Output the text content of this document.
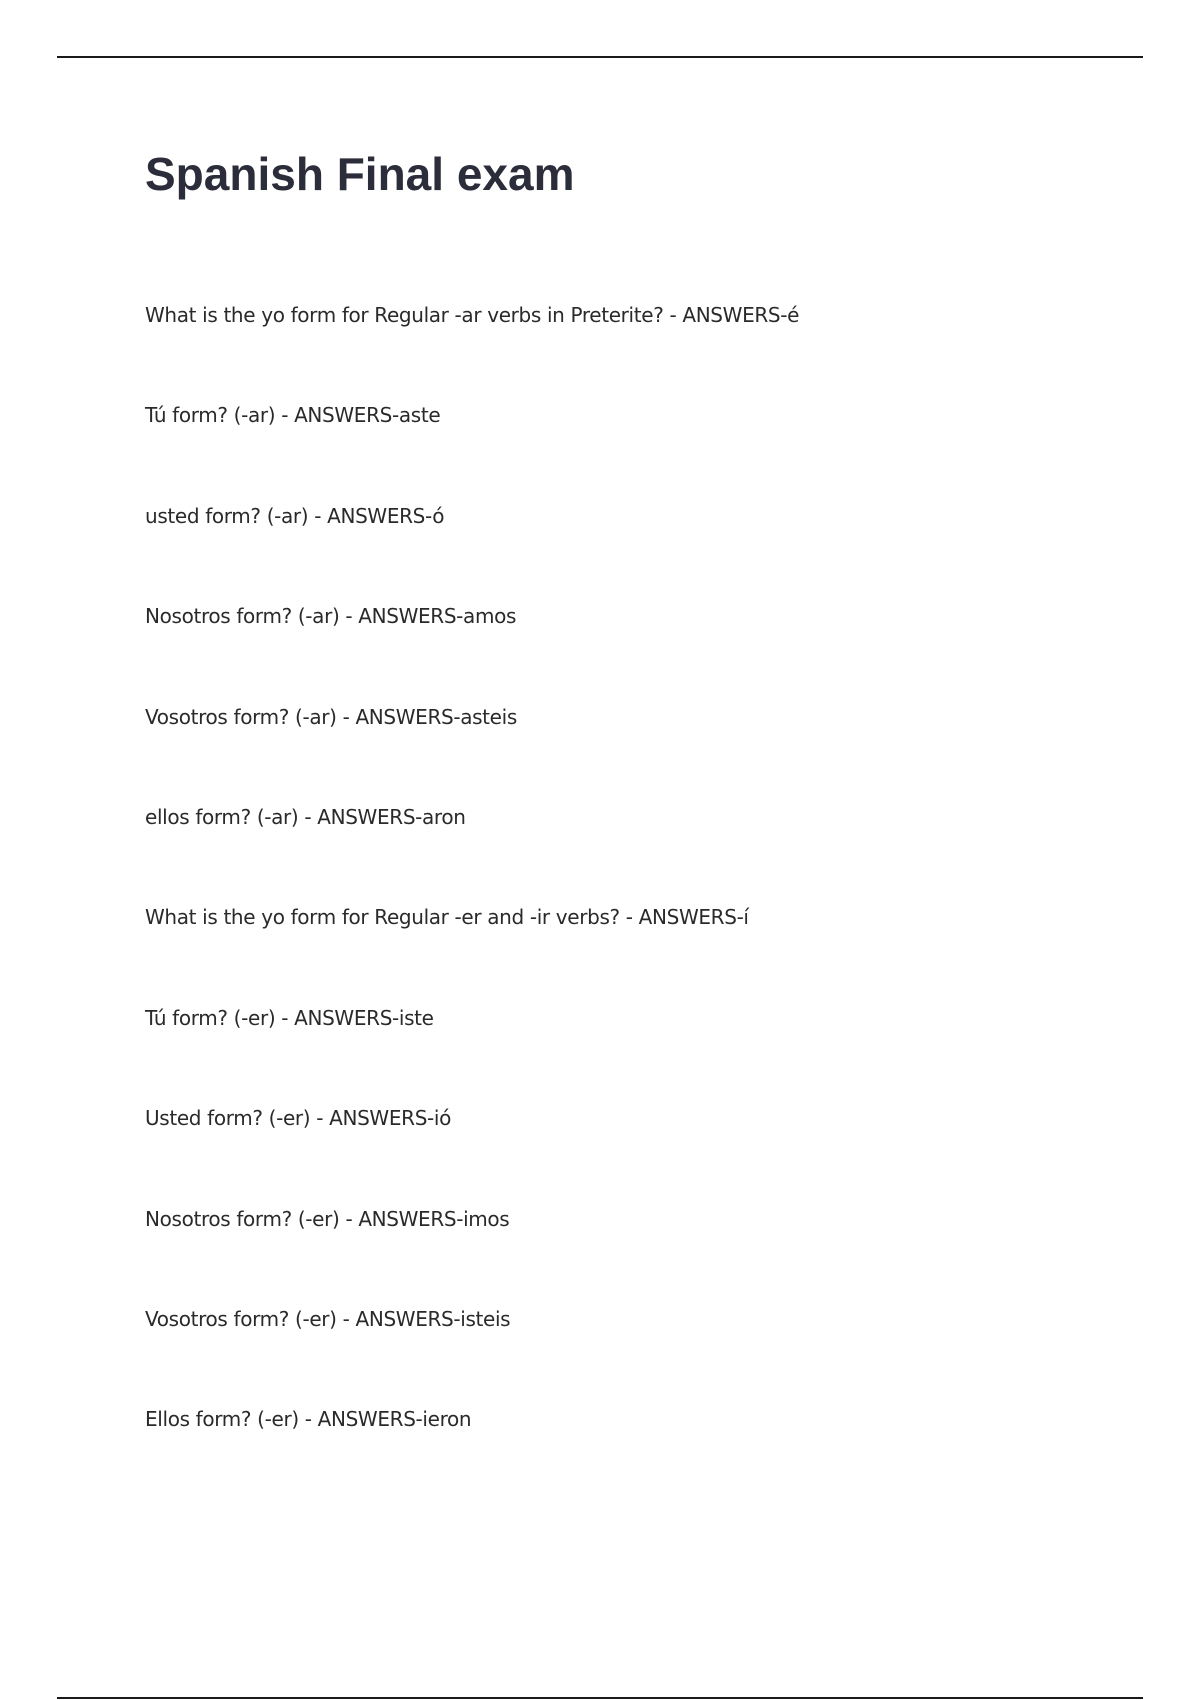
Spanish Final exam
What is the yo form for Regular -ar verbs in Preterite? - ANSWERS-é
Tú form? (-ar) - ANSWERS-aste
usted form? (-ar) - ANSWERS-ó
Nosotros form? (-ar) - ANSWERS-amos
Vosotros form? (-ar) - ANSWERS-asteis
ellos form? (-ar) - ANSWERS-aron
What is the yo form for Regular -er and -ir verbs? - ANSWERS-í
Tú form? (-er) - ANSWERS-iste
Usted form? (-er) - ANSWERS-ió
Nosotros form? (-er) - ANSWERS-imos
Vosotros form? (-er) - ANSWERS-isteis
Ellos form? (-er) - ANSWERS-ieron
